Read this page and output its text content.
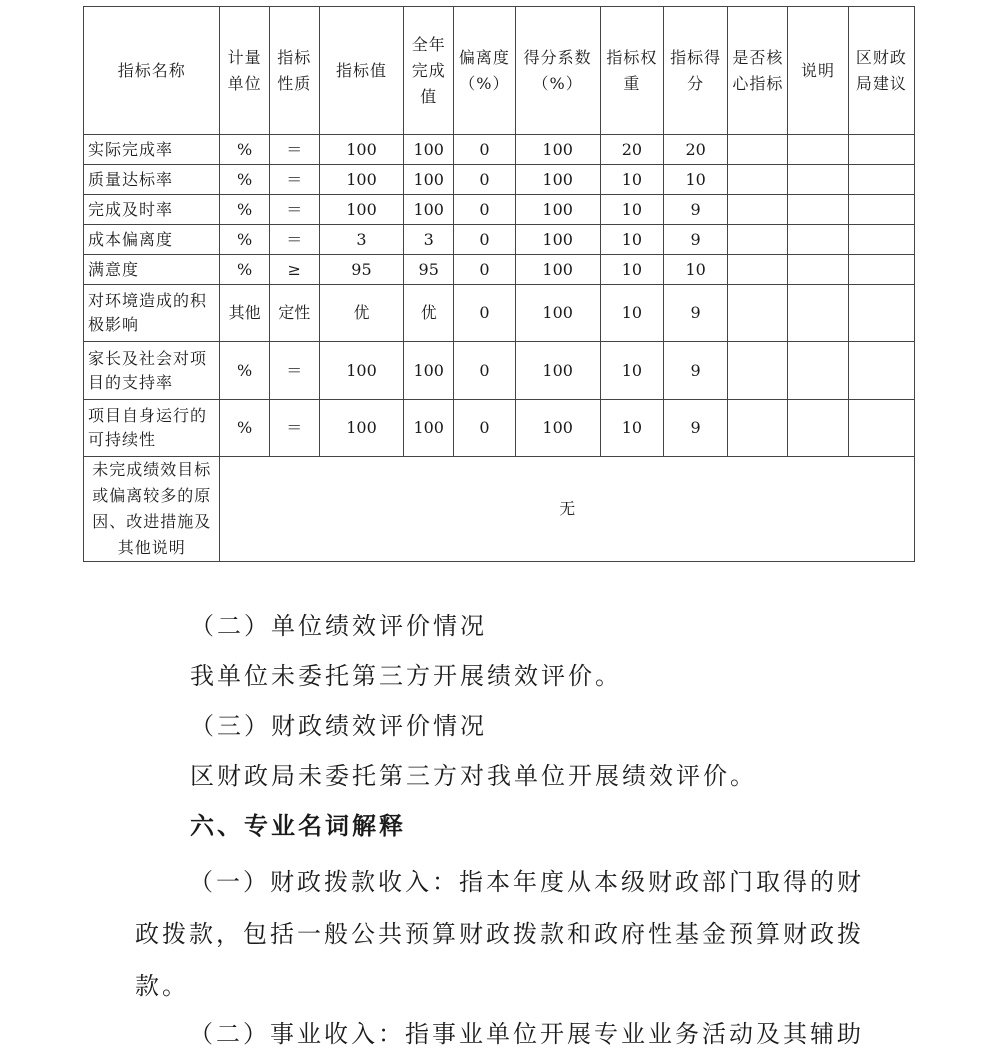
指标名称	计量单位	指标性质	指标值	全年完成值	偏离度（%）	得分系数（%）	指标权重	指标得分	是否核心指标	说明	区财政局建议
实际完成率	%	＝	100	100	0	100	20	20			
质量达标率	%	＝	100	100	0	100	10	10			
完成及时率	%	＝	100	100	0	100	10	9			
成本偏离度	%	＝	3	3	0	100	10	9			
满意度	%	≥	95	95	0	100	10	10			
对环境造成的积极影响	其他	定性	优	优	0	100	10	9			
家长及社会对项目的支持率	%	＝	100	100	0	100	10	9			
项目自身运行的可持续性	%	＝	100	100	0	100	10	9			
未完成绩效目标或偏离较多的原因、改进措施及其他说明	无										
（二）单位绩效评价情况
我单位未委托第三方开展绩效评价。
（三）财政绩效评价情况
区财政局未委托第三方对我单位开展绩效评价。
六、专业名词解释
（一）财政拨款收入：指本年度从本级财政部门取得的财政拨款，包括一般公共预算财政拨款和政府性基金预算财政拨款。
（二）事业收入：指事业单位开展专业业务活动及其辅助
